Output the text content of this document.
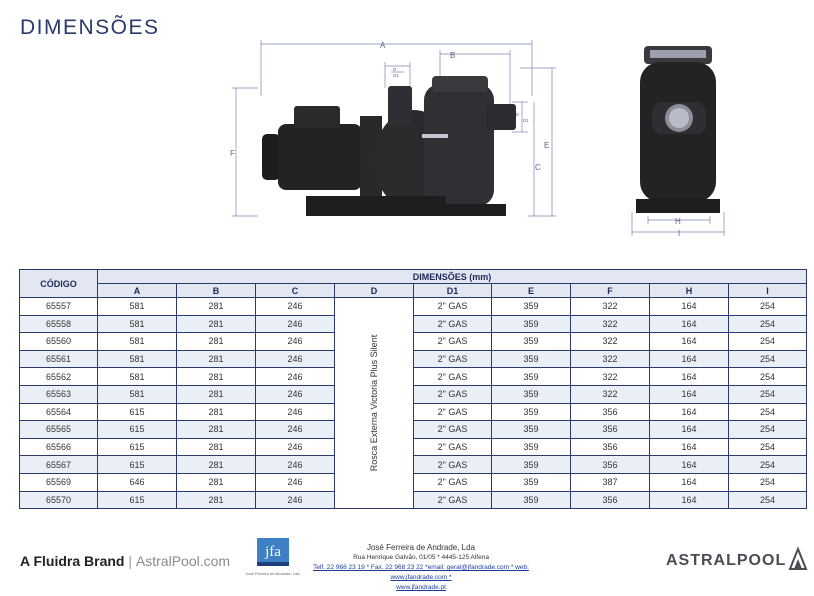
DIMENSÕES
A
B
F
E
C
D
D1
D
D1
H
I
CÓDIGO	DIMENSÕES (mm)								
	A	B	C	D	D1	E	F	H	I
65557	581	281	246	Rosca Externa Victoria Plus Silent	2" GAS	359	322	164	254
65558	581	281	246		2" GAS	359	322	164	254
65560	581	281	246		2" GAS	359	322	164	254
65561	581	281	246		2" GAS	359	322	164	254
65562	581	281	246		2" GAS	359	322	164	254
65563	581	281	246		2" GAS	359	322	164	254
65564	615	281	246		2" GAS	359	356	164	254
65565	615	281	246		2" GAS	359	356	164	254
65566	615	281	246		2" GAS	359	356	164	254
65567	615	281	246		2" GAS	359	356	164	254
65569	646	281	246		2" GAS	359	387	164	254
65570	615	281	246		2" GAS	359	356	164	254
A Fluidra Brand | AstralPool.com
jfa
José Ferreira de Andrade, Lda.
José Ferreira de Andrade, Lda
Rua Henrique Galvão, 01/05 * 4445-125 Alfena
Telf. 22 968 23 19 * Fax. 22 968 23 22 *email: geral@jfandrade.com * web: www.jfandrade.com *
www.jfandrade.pt
ASTRALPOOL
